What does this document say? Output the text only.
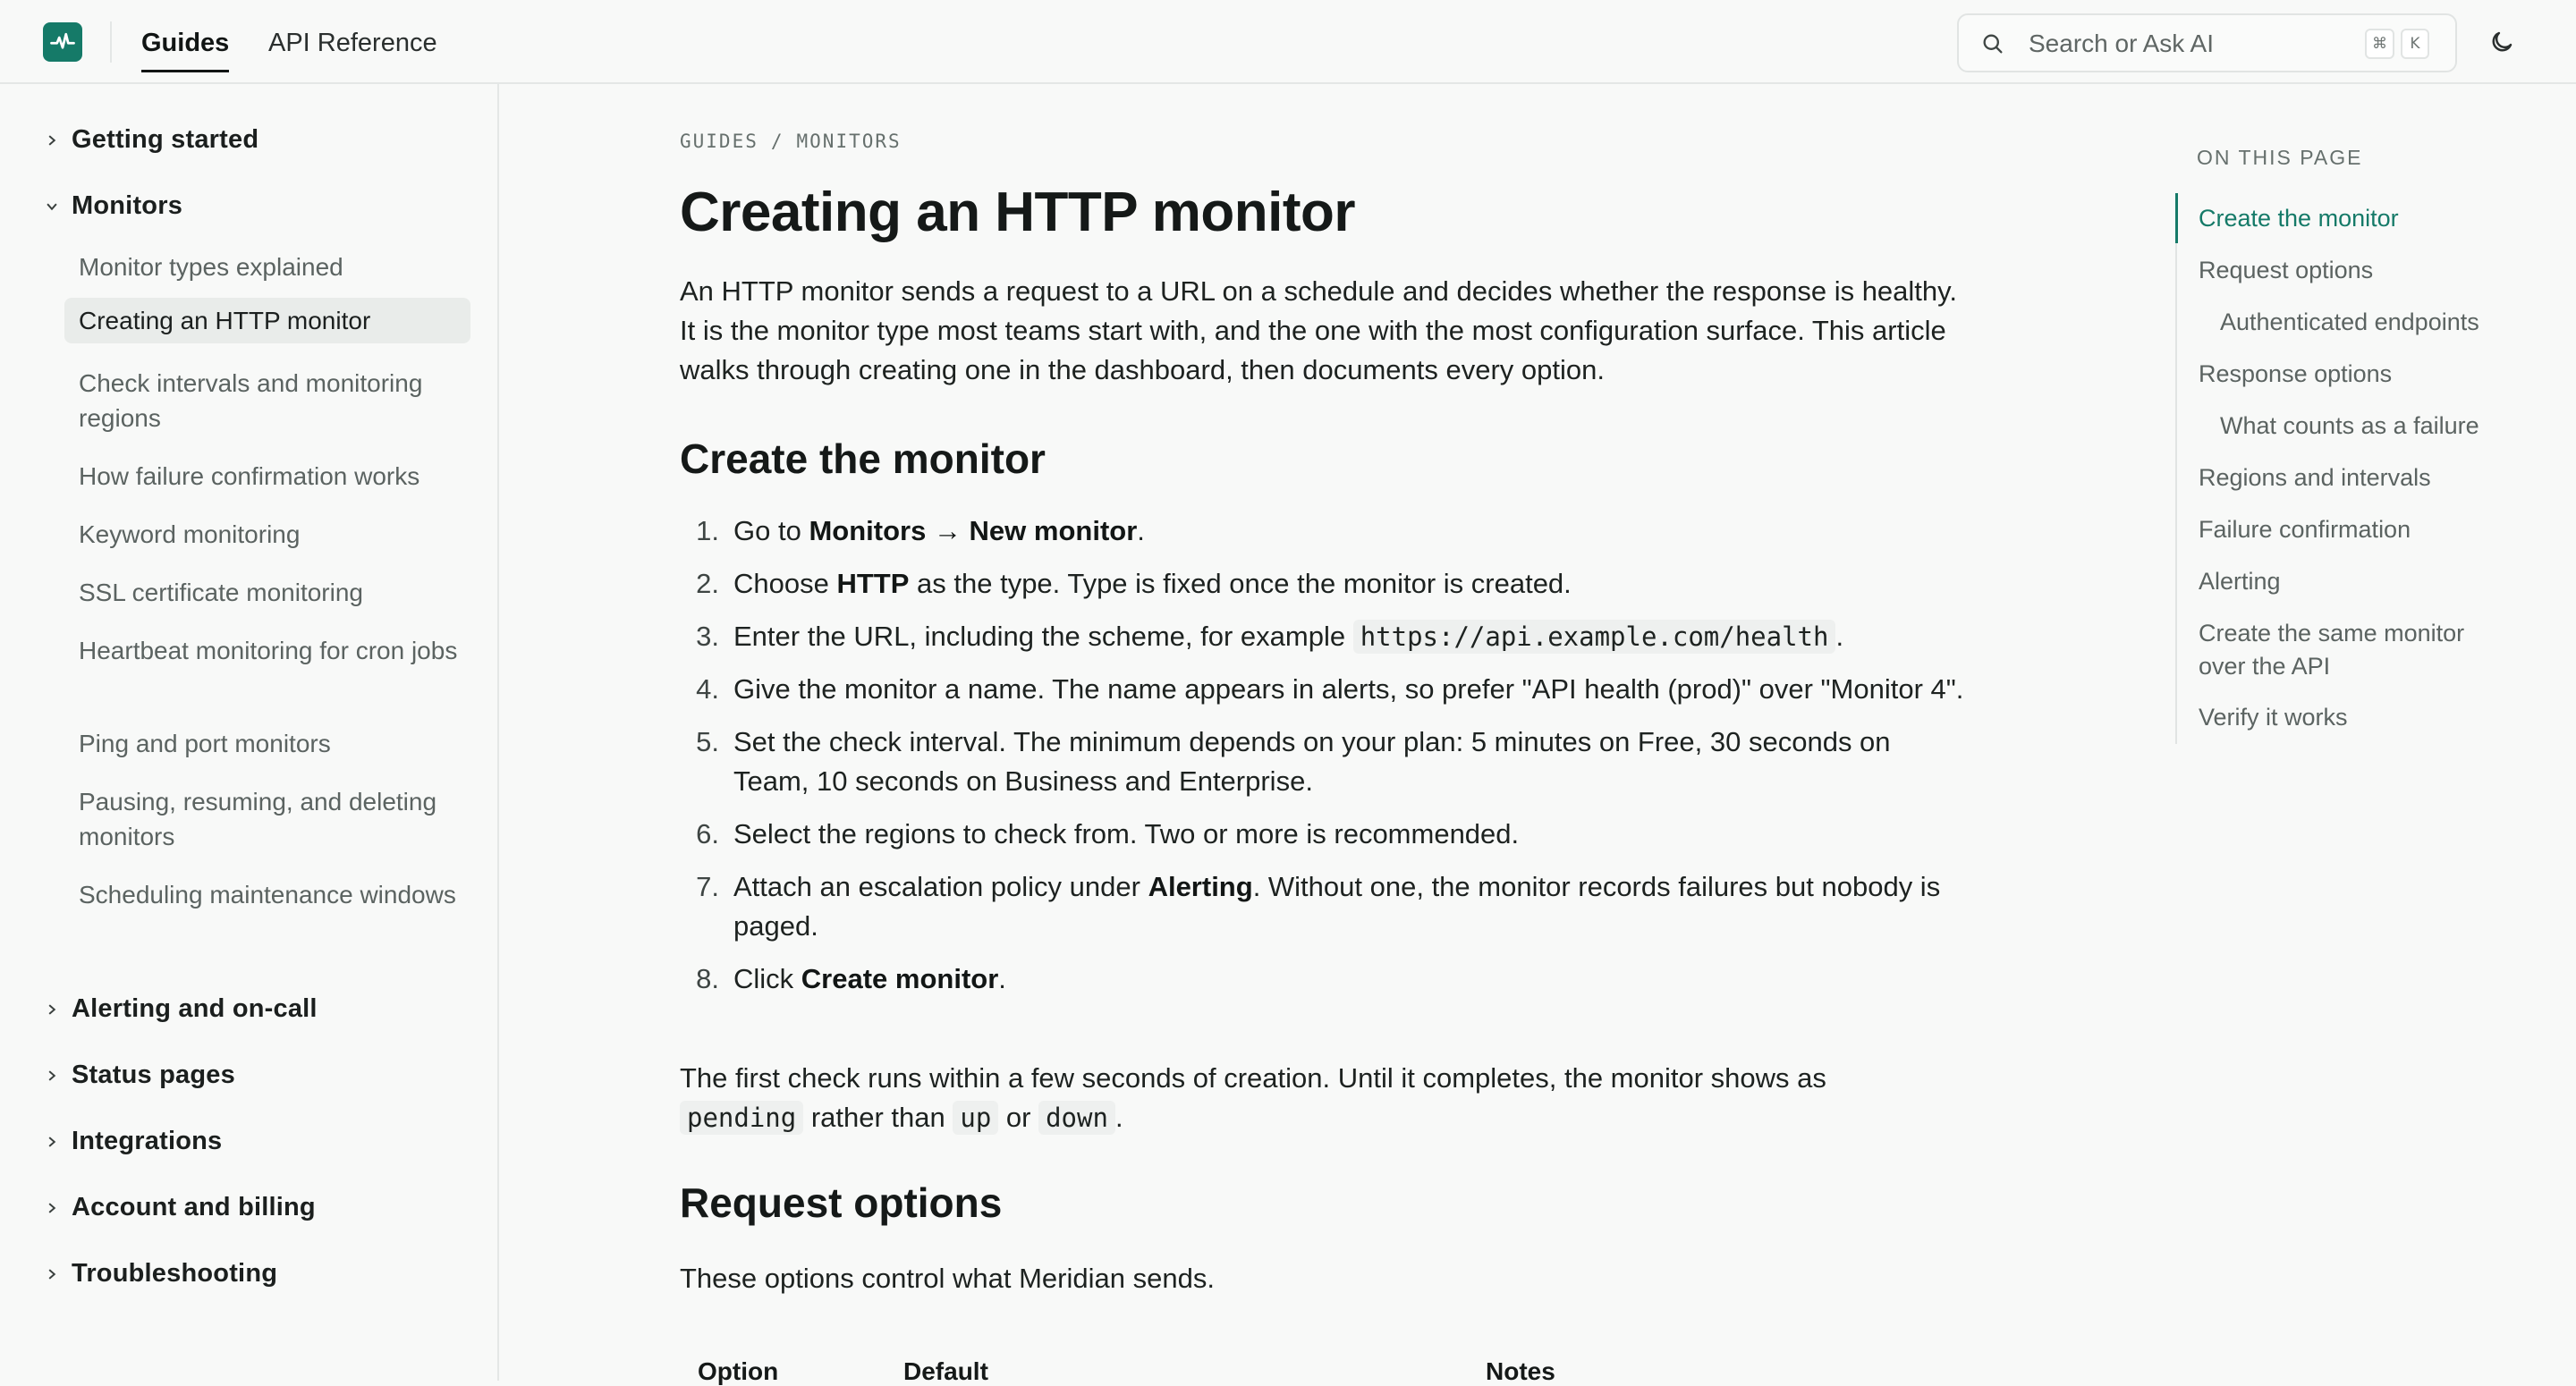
Guides API Reference	Search or Ask AI	⌘	K
Getting started
Monitors
Monitor types explained
Creating an HTTP monitor
Check intervals and monitoring regions
How failure confirmation works
Keyword monitoring
SSL certificate monitoring
Heartbeat monitoring for cron jobs
Ping and port monitors
Pausing, resuming, and deleting monitors
Scheduling maintenance windows
Alerting and on-call
Status pages
Integrations
Account and billing
Troubleshooting
GUIDES / MONITORS
Creating an HTTP monitor
An HTTP monitor sends a request to a URL on a schedule and decides whether the response is healthy. It is the monitor type most teams start with, and the one with the most configuration surface. This article walks through creating one in the dashboard, then documents every option.
Create the monitor
1. Go to Monitors → New monitor.
2. Choose HTTP as the type. Type is fixed once the monitor is created.
3. Enter the URL, including the scheme, for example https://api.example.com/health .
4. Give the monitor a name. The name appears in alerts, so prefer "API health (prod)" over "Monitor 4".
5. Set the check interval. The minimum depends on your plan: 5 minutes on Free, 30 seconds on Team, 10 seconds on Business and Enterprise.
6. Select the regions to check from. Two or more is recommended.
7. Attach an escalation policy under Alerting. Without one, the monitor records failures but nobody is paged.
8. Click Create monitor.
The first check runs within a few seconds of creation. Until it completes, the monitor shows as
pending rather than up or down .
Request options
These options control what Meridian sends.
Option	Default	Notes
ON THIS PAGE
Create the monitor
Request options
Authenticated endpoints
Response options
What counts as a failure
Regions and intervals
Failure confirmation
Alerting
Create the same monitor over the API
Verify it works
